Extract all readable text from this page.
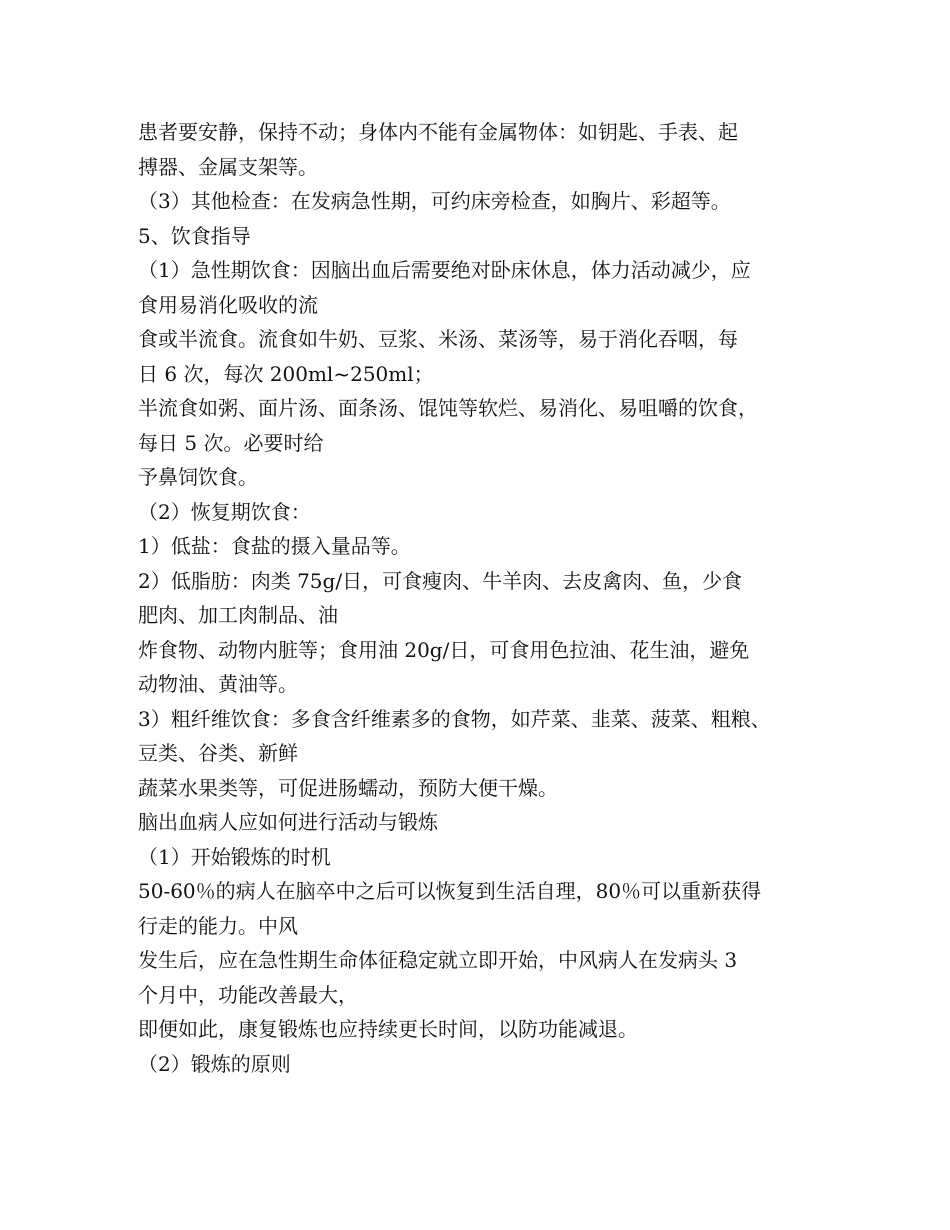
患者要安静，保持不动；身体内不能有金属物体：如钥匙、手表、起

搏器、金属支架等。

（3）其他检查：在发病急性期，可约床旁检查，如胸片、彩超等。

5、饮食指导

（1）急性期饮食：因脑出血后需要绝对卧床休息，体力活动减少，应

食用易消化吸收的流

食或半流食。流食如牛奶、豆浆、米汤、菜汤等，易于消化吞咽，每

日 6 次，每次 200ml~250ml；

半流食如粥、面片汤、面条汤、馄饨等软烂、易消化、易咀嚼的饮食，

每日 5 次。必要时给

予鼻饲饮食。

（2）恢复期饮食：

1）低盐：食盐的摄入量品等。

2）低脂肪：肉类 75g/日，可食瘦肉、牛羊肉、去皮禽肉、鱼，少食

肥肉、加工肉制品、油

炸食物、动物内脏等；食用油 20g/日，可食用色拉油、花生油，避免

动物油、黄油等。

3）粗纤维饮食：多食含纤维素多的食物，如芹菜、韭菜、菠菜、粗粮、

豆类、谷类、新鲜

蔬菜水果类等，可促进肠蠕动，预防大便干燥。

脑出血病人应如何进行活动与锻炼

（1）开始锻炼的时机

50-60％的病人在脑卒中之后可以恢复到生活自理，80％可以重新获得

行走的能力。中风

发生后，应在急性期生命体征稳定就立即开始，中风病人在发病头 3

个月中，功能改善最大，

即便如此，康复锻炼也应持续更长时间，以防功能减退。

（2）锻炼的原则
